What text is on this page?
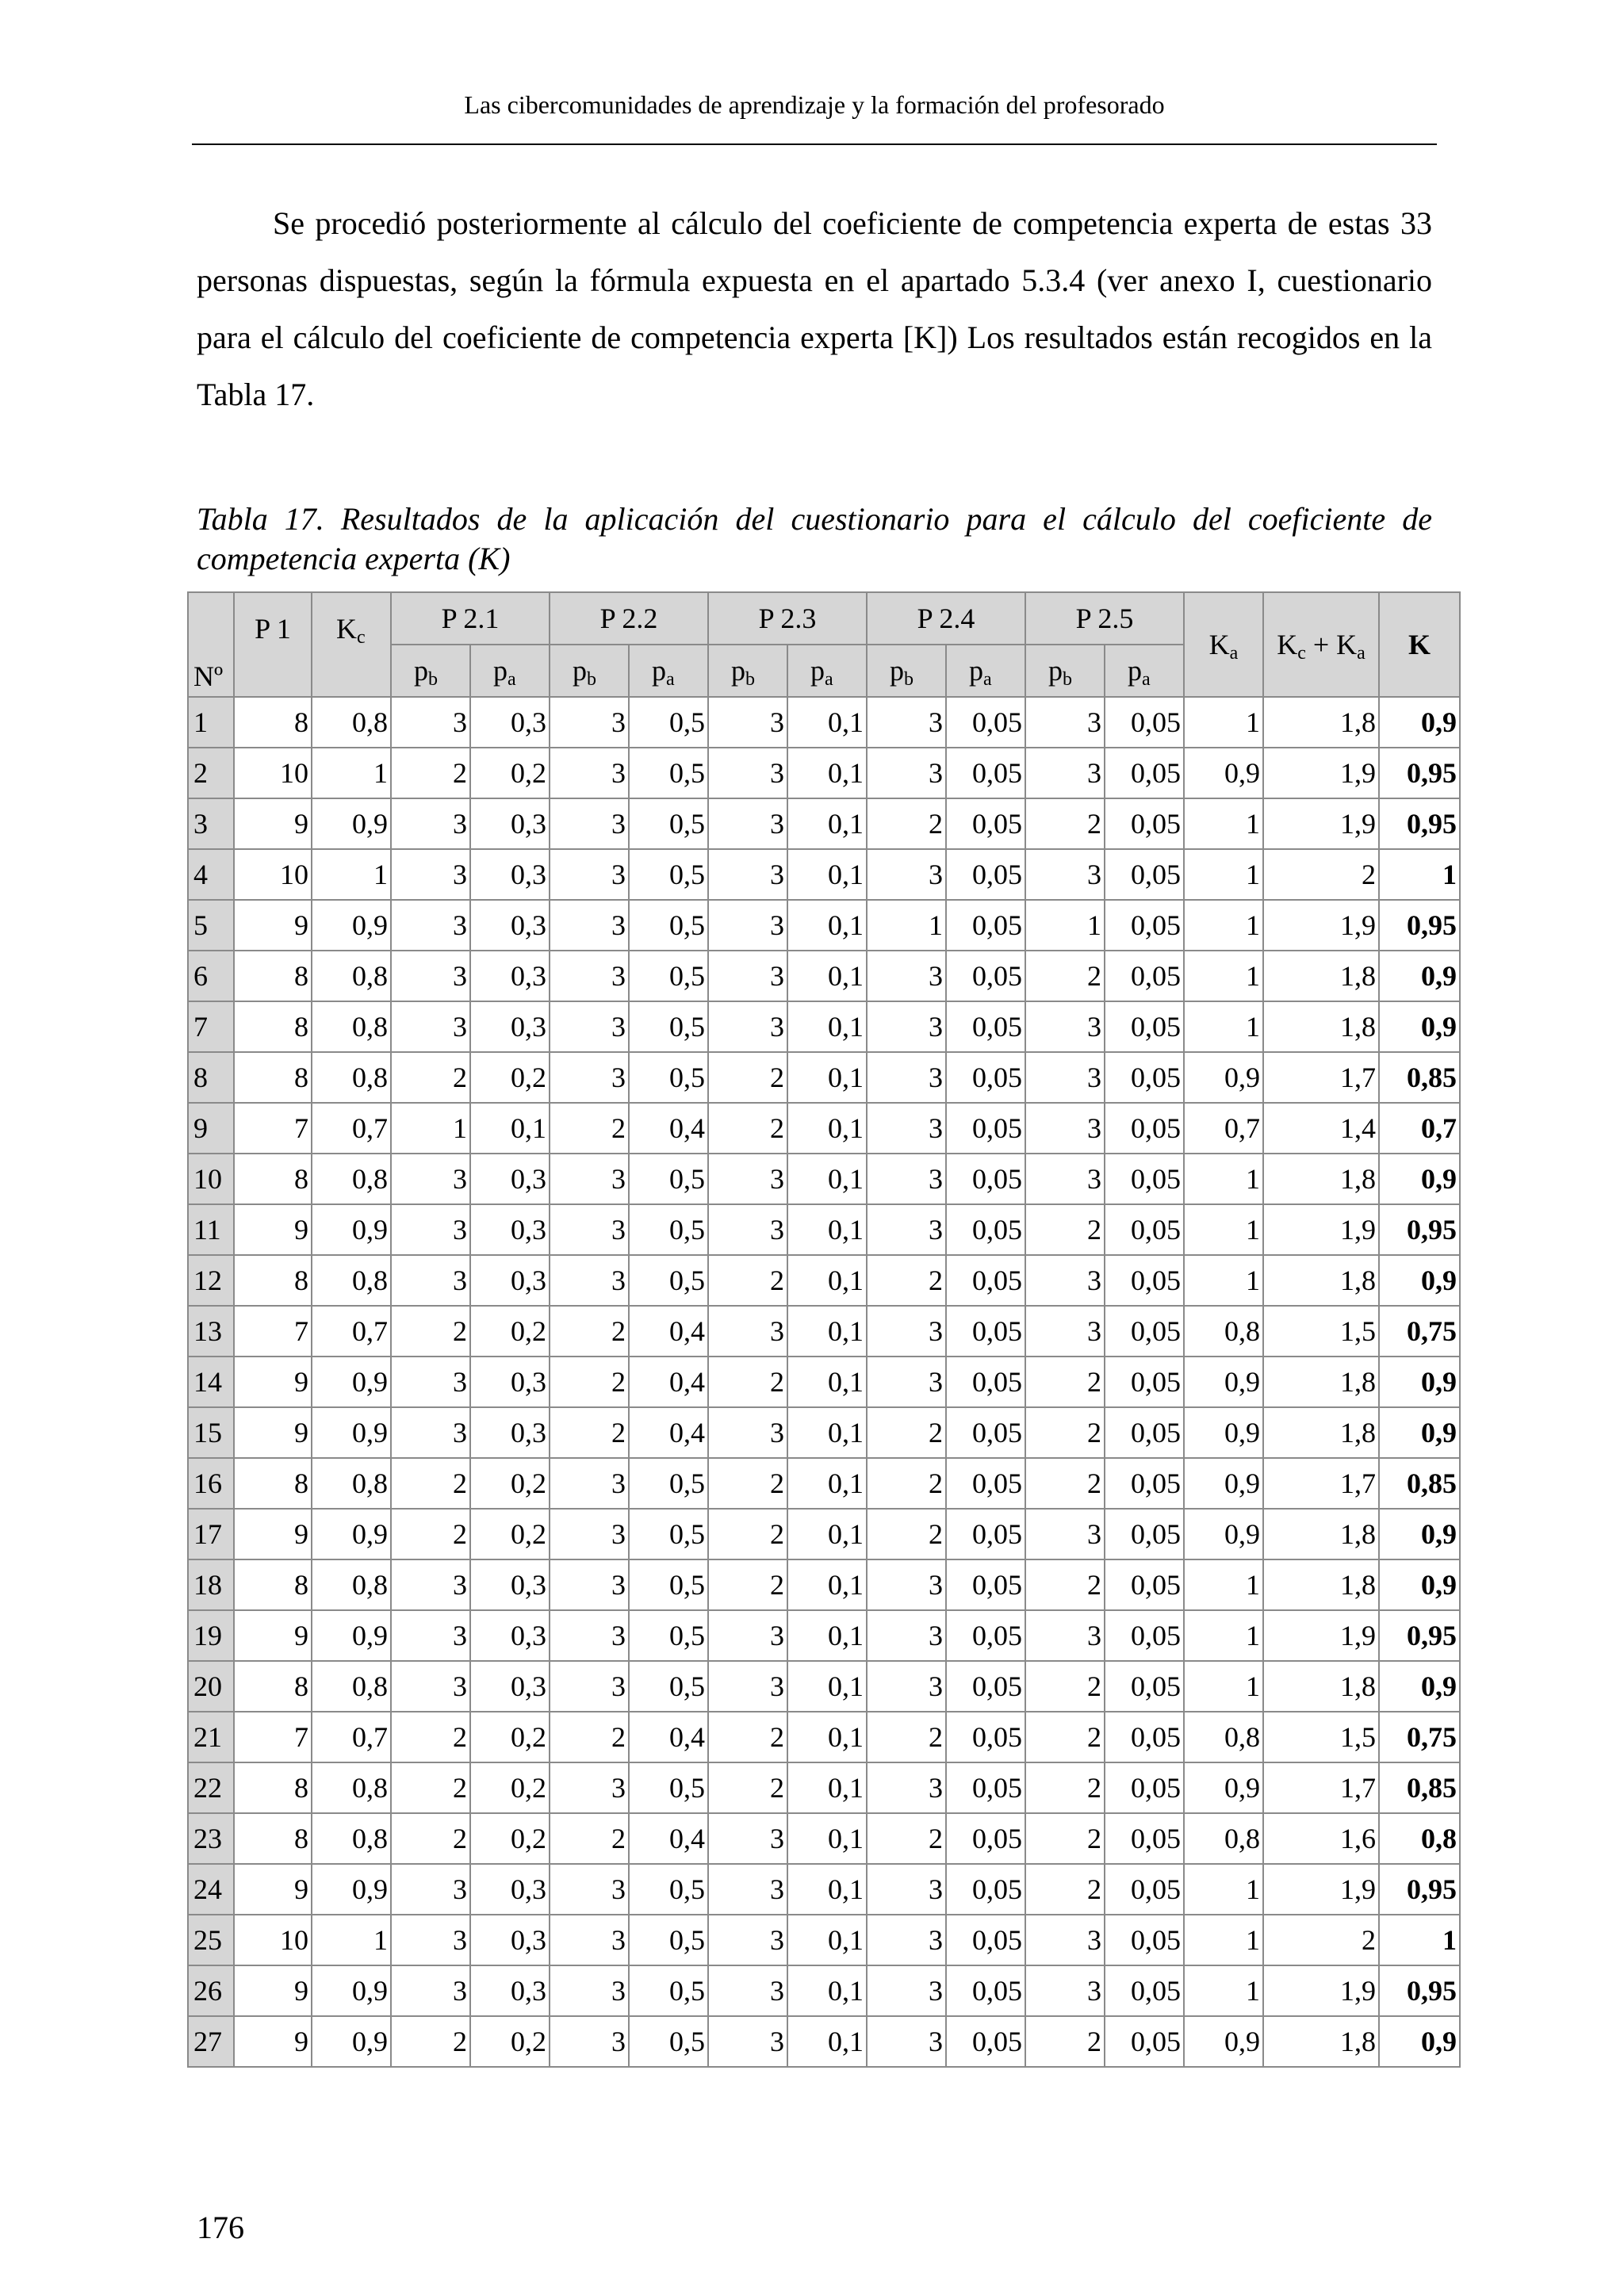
Las cibercomunidades de aprendizaje y la formación del profesorado

Se procedió posteriormente al cálculo del coeficiente de competencia experta de estas 33 personas dispuestas, según la fórmula expuesta en el apartado 5.3.4 (ver anexo I, cuestionario para el cálculo del coeficiente de competencia experta [K]) Los resultados están recogidos en la Tabla 17.

Tabla 17. Resultados de la aplicación del cuestionario para el cálculo del coeficiente de competencia experta (K)

Nº	P 1	$K_c$	P 2.1		P 2.2		P 2.3		P 2.4		P 2.5		$K_a$	$K_c + K_a$	K
			$p_b$	$p_a$	$p_b$	$p_a$	$p_b$	$p_a$	$p_b$	$p_a$	$p_b$	$p_a$
1	8	0,8	3	0,3	3	0,5	3	0,1	3	0,05	3	0,05	1	1,8	0,9
2	10	1	2	0,2	3	0,5	3	0,1	3	0,05	3	0,05	0,9	1,9	0,95
3	9	0,9	3	0,3	3	0,5	3	0,1	2	0,05	2	0,05	1	1,9	0,95
4	10	1	3	0,3	3	0,5	3	0,1	3	0,05	3	0,05	1	2	1
5	9	0,9	3	0,3	3	0,5	3	0,1	1	0,05	1	0,05	1	1,9	0,95
6	8	0,8	3	0,3	3	0,5	3	0,1	3	0,05	2	0,05	1	1,8	0,9
7	8	0,8	3	0,3	3	0,5	3	0,1	3	0,05	3	0,05	1	1,8	0,9
8	8	0,8	2	0,2	3	0,5	2	0,1	3	0,05	3	0,05	0,9	1,7	0,85
9	7	0,7	1	0,1	2	0,4	2	0,1	3	0,05	3	0,05	0,7	1,4	0,7
10	8	0,8	3	0,3	3	0,5	3	0,1	3	0,05	3	0,05	1	1,8	0,9
11	9	0,9	3	0,3	3	0,5	3	0,1	3	0,05	2	0,05	1	1,9	0,95
12	8	0,8	3	0,3	3	0,5	2	0,1	2	0,05	3	0,05	1	1,8	0,9
13	7	0,7	2	0,2	2	0,4	3	0,1	3	0,05	3	0,05	0,8	1,5	0,75
14	9	0,9	3	0,3	2	0,4	2	0,1	3	0,05	2	0,05	0,9	1,8	0,9
15	9	0,9	3	0,3	2	0,4	3	0,1	2	0,05	2	0,05	0,9	1,8	0,9
16	8	0,8	2	0,2	3	0,5	2	0,1	2	0,05	2	0,05	0,9	1,7	0,85
17	9	0,9	2	0,2	3	0,5	2	0,1	2	0,05	3	0,05	0,9	1,8	0,9
18	8	0,8	3	0,3	3	0,5	2	0,1	3	0,05	2	0,05	1	1,8	0,9
19	9	0,9	3	0,3	3	0,5	3	0,1	3	0,05	3	0,05	1	1,9	0,95
20	8	0,8	3	0,3	3	0,5	3	0,1	3	0,05	2	0,05	1	1,8	0,9
21	7	0,7	2	0,2	2	0,4	2	0,1	2	0,05	2	0,05	0,8	1,5	0,75
22	8	0,8	2	0,2	3	0,5	2	0,1	3	0,05	2	0,05	0,9	1,7	0,85
23	8	0,8	2	0,2	2	0,4	3	0,1	2	0,05	2	0,05	0,8	1,6	0,8
24	9	0,9	3	0,3	3	0,5	3	0,1	3	0,05	2	0,05	1	1,9	0,95
25	10	1	3	0,3	3	0,5	3	0,1	3	0,05	3	0,05	1	2	1
26	9	0,9	3	0,3	3	0,5	3	0,1	3	0,05	3	0,05	1	1,9	0,95
27	9	0,9	2	0,2	3	0,5	3	0,1	3	0,05	2	0,05	0,9	1,8	0,9
176
